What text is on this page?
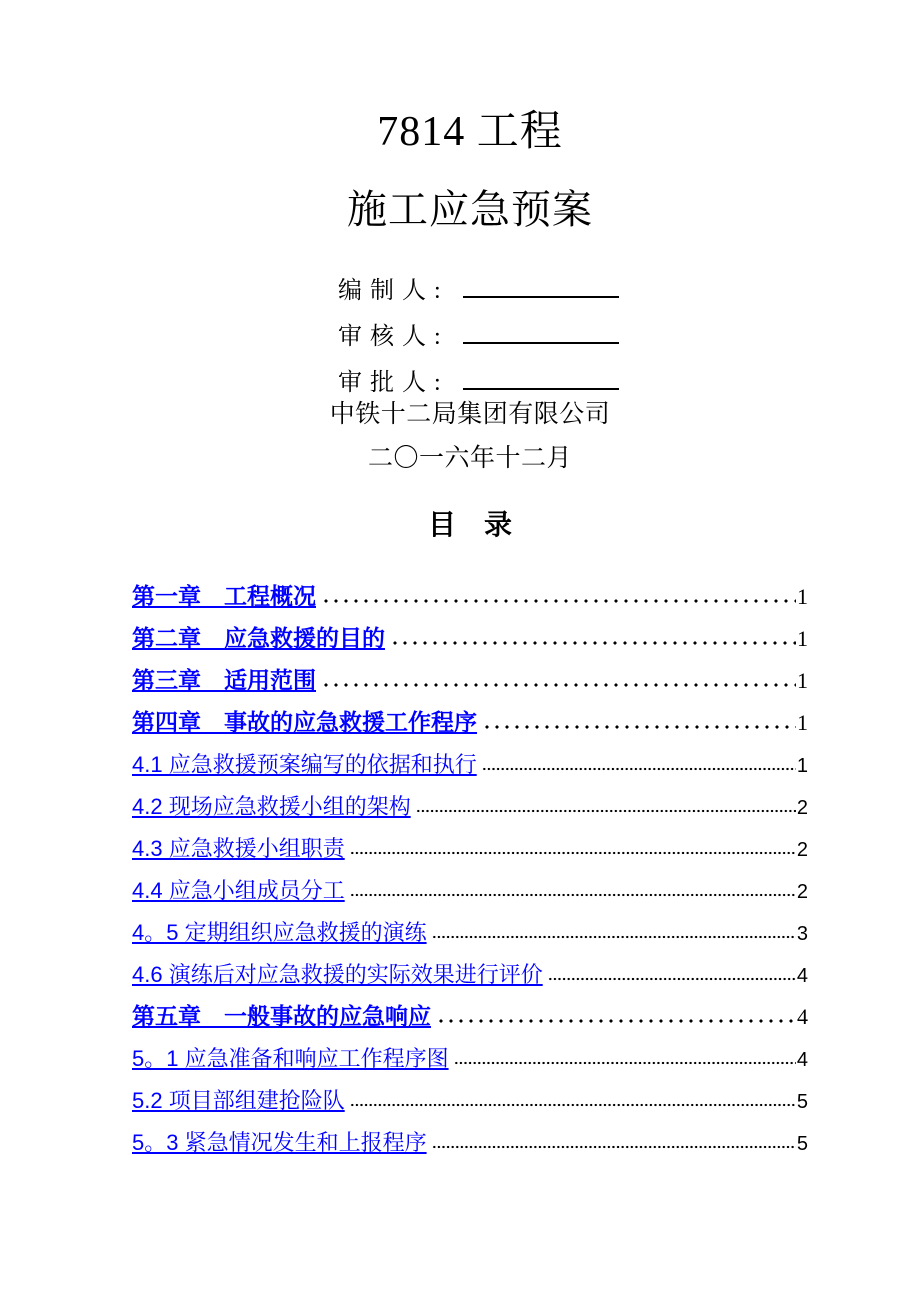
7814 工程
施工应急预案
编制人:
审核人:
审批人:
中铁十二局集团有限公司
二〇一六年十二月
目　录
第一章　工程概况	1
第二章　应急救援的目的	1
第三章　适用范围	1
第四章　事故的应急救援工作程序	1
4.1 应急救援预案编写的依据和执行	1
4.2 现场应急救援小组的架构	2
4.3 应急救援小组职责	2
4.4 应急小组成员分工	2
4。5 定期组织应急救援的演练	3
4.6 演练后对应急救援的实际效果进行评价	4
第五章　一般事故的应急响应	4
5。1 应急准备和响应工作程序图	4
5.2 项目部组建抢险队	5
5。3 紧急情况发生和上报程序	5
